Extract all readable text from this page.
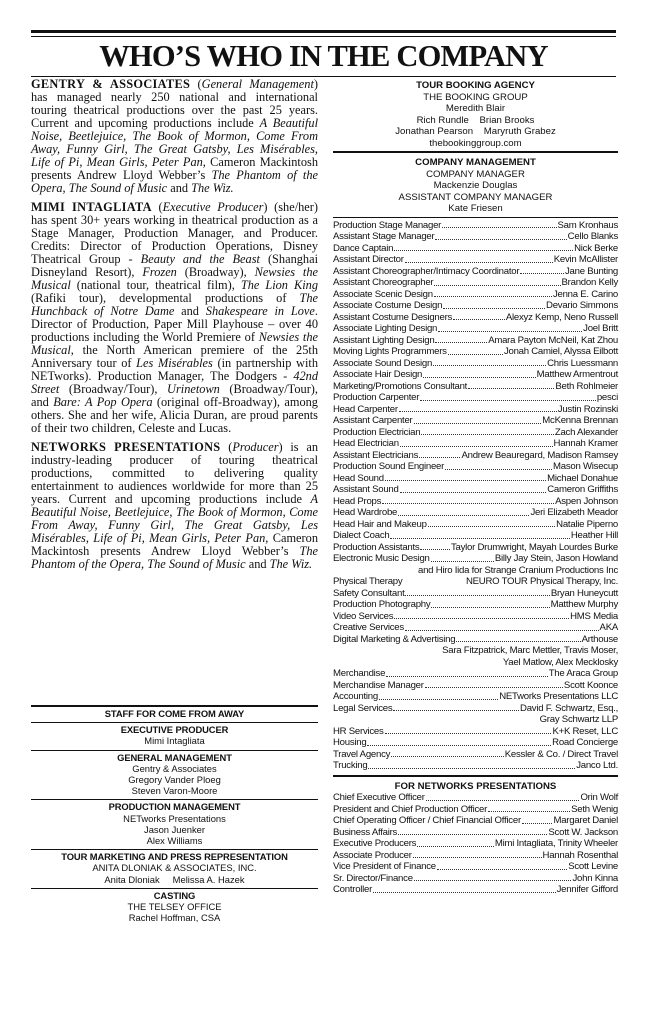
WHO’S WHO IN THE COMPANY

GENTRY & ASSOCIATES (General Management) has managed nearly 250 national and international touring theatrical productions over the past 25 years. Current and upcoming productions include A Beautiful Noise, Beetlejuice, The Book of Mormon, Come From Away, Funny Girl, The Great Gatsby, Les Misérables, Life of Pi, Mean Girls, Peter Pan, Cameron Mackintosh presents Andrew Lloyd Webber’s The Phantom of the Opera, The Sound of Music and The Wiz.

MIMI INTAGLIATA (Executive Producer) (she/her) has spent 30+ years working in theatrical production as a Stage Manager, Production Manager, and Producer. Credits: Director of Production Operations, Disney Theatrical Group - Beauty and the Beast (Shanghai Disneyland Resort), Frozen (Broadway), Newsies the Musical (national tour, theatrical film), The Lion King (Rafiki tour), developmental productions of The Hunchback of Notre Dame and Shakespeare in Love. Director of Production, Paper Mill Playhouse – over 40 productions including the World Premiere of Newsies the Musical, the North American premiere of the 25th Anniversary tour of Les Misérables (in partnership with NETworks). Production Manager, The Dodgers - 42nd Street (Broadway/Tour), Urinetown (Broadway/Tour), and Bare: A Pop Opera (original off-Broadway), among others. She and her wife, Alicia Duran, are proud parents of their two children, Celeste and Lucas.

NETWORKS PRESENTATIONS (Producer) is an industry-leading producer of touring theatrical productions, committed to delivering quality entertainment to audiences worldwide for more than 25 years. Current and upcoming productions include A Beautiful Noise, Beetlejuice, The Book of Mormon, Come From Away, Funny Girl, The Great Gatsby, Les Misérables, Life of Pi, Mean Girls, Peter Pan, Cameron Mackintosh presents Andrew Lloyd Webber’s The Phantom of the Opera, The Sound of Music and The Wiz.

STAFF FOR COME FROM AWAY
EXECUTIVE PRODUCER
Mimi Intagliata
GENERAL MANAGEMENT
Gentry & Associates
Gregory Vander Ploeg
Steven Varon-Moore
PRODUCTION MANAGEMENT
NETworks Presentations
Jason Juenker
Alex Williams
TOUR MARKETING AND PRESS REPRESENTATION
ANITA DLONIAK & ASSOCIATES, INC.
Anita Dloniak     Melissa A. Hazek
CASTING
THE TELSEY OFFICE
Rachel Hoffman, CSA
TOUR BOOKING AGENCY
THE BOOKING GROUP
Meredith Blair
Rich Rundle    Brian Brooks
Jonathan Pearson    Maryruth Grabez
thebookinggroup.com
COMPANY MANAGEMENT
COMPANY MANAGER
Mackenzie Douglas
ASSISTANT COMPANY MANAGER
Kate Friesen
Production Stage Manager	Sam Kronhaus
Assistant Stage Manager	Cello Blanks
Dance Captain	Nick Berke
Assistant Director	Kevin McAllister
Assistant Choreographer/Intimacy Coordinator	Jane Bunting
Assistant Choreographer	Brandon Kelly
Associate Scenic Design	Jenna E. Carino
Associate Costume Design	Devario Simmons
Assistant Costume Designers	Alexyz Kemp, Neno Russell
Associate Lighting Design	Joel Britt
Assistant Lighting Design	Amara Payton McNeil, Kat Zhou
Moving Lights Programmers	Jonah Camiel, Alyssa Eilbott
Associate Sound Design	Chris Luessmann
Associate Hair Design	Matthew Armentrout
Marketing/Promotions Consultant	Beth Rohlmeier
Production Carpenter	pesci
Head Carpenter	Justin Rozinski
Assistant Carpenter	McKenna Brennan
Production Electrician	Zach Alexander
Head Electrician	Hannah Kramer
Assistant Electricians	Andrew Beauregard, Madison Ramsey
Production Sound Engineer	Mason Wisecup
Head Sound	Michael Donahue
Assistant Sound	Cameron Griffiths
Head Props	Aspen Johnson
Head Wardrobe	Jeri Elizabeth Meador
Head Hair and Makeup	Natalie Piperno
Dialect Coach	Heather Hill
Production Assistants	Taylor Drumwright, Mayah Lourdes Burke
Electronic Music Design	Billy Jay Stein, Jason Howland
and Hiro Iida for Strange Cranium Productions Inc
Physical Therapy	NEURO TOUR Physical Therapy, Inc.
Safety Consultant	Bryan Huneycutt
Production Photography	Matthew Murphy
Video Services	HMS Media
Creative Services	AKA
Digital Marketing & Advertising	Arthouse
Sara Fitzpatrick, Marc Mettler, Travis Moser,
Yael Matlow, Alex Mecklosky
Merchandise	The Araca Group
Merchandise Manager	Scott Koonce
Accounting	NETworks Presentations LLC
Legal Services	David F. Schwartz, Esq.,
Gray Schwartz LLP
HR Services	K+K Reset, LLC
Housing	Road Concierge
Travel Agency	Kessler & Co. / Direct Travel
Trucking	Janco Ltd.
FOR NETWORKS PRESENTATIONS
Chief Executive Officer	Orin Wolf
President and Chief Production Officer	Seth Wenig
Chief Operating Officer / Chief Financial Officer	Margaret Daniel
Business Affairs	Scott W. Jackson
Executive Producers	Mimi Intagliata, Trinity Wheeler
Associate Producer	Hannah Rosenthal
Vice President of Finance	Scott Levine
Sr. Director/Finance	John Kinna
Controller	Jennifer Gifford
